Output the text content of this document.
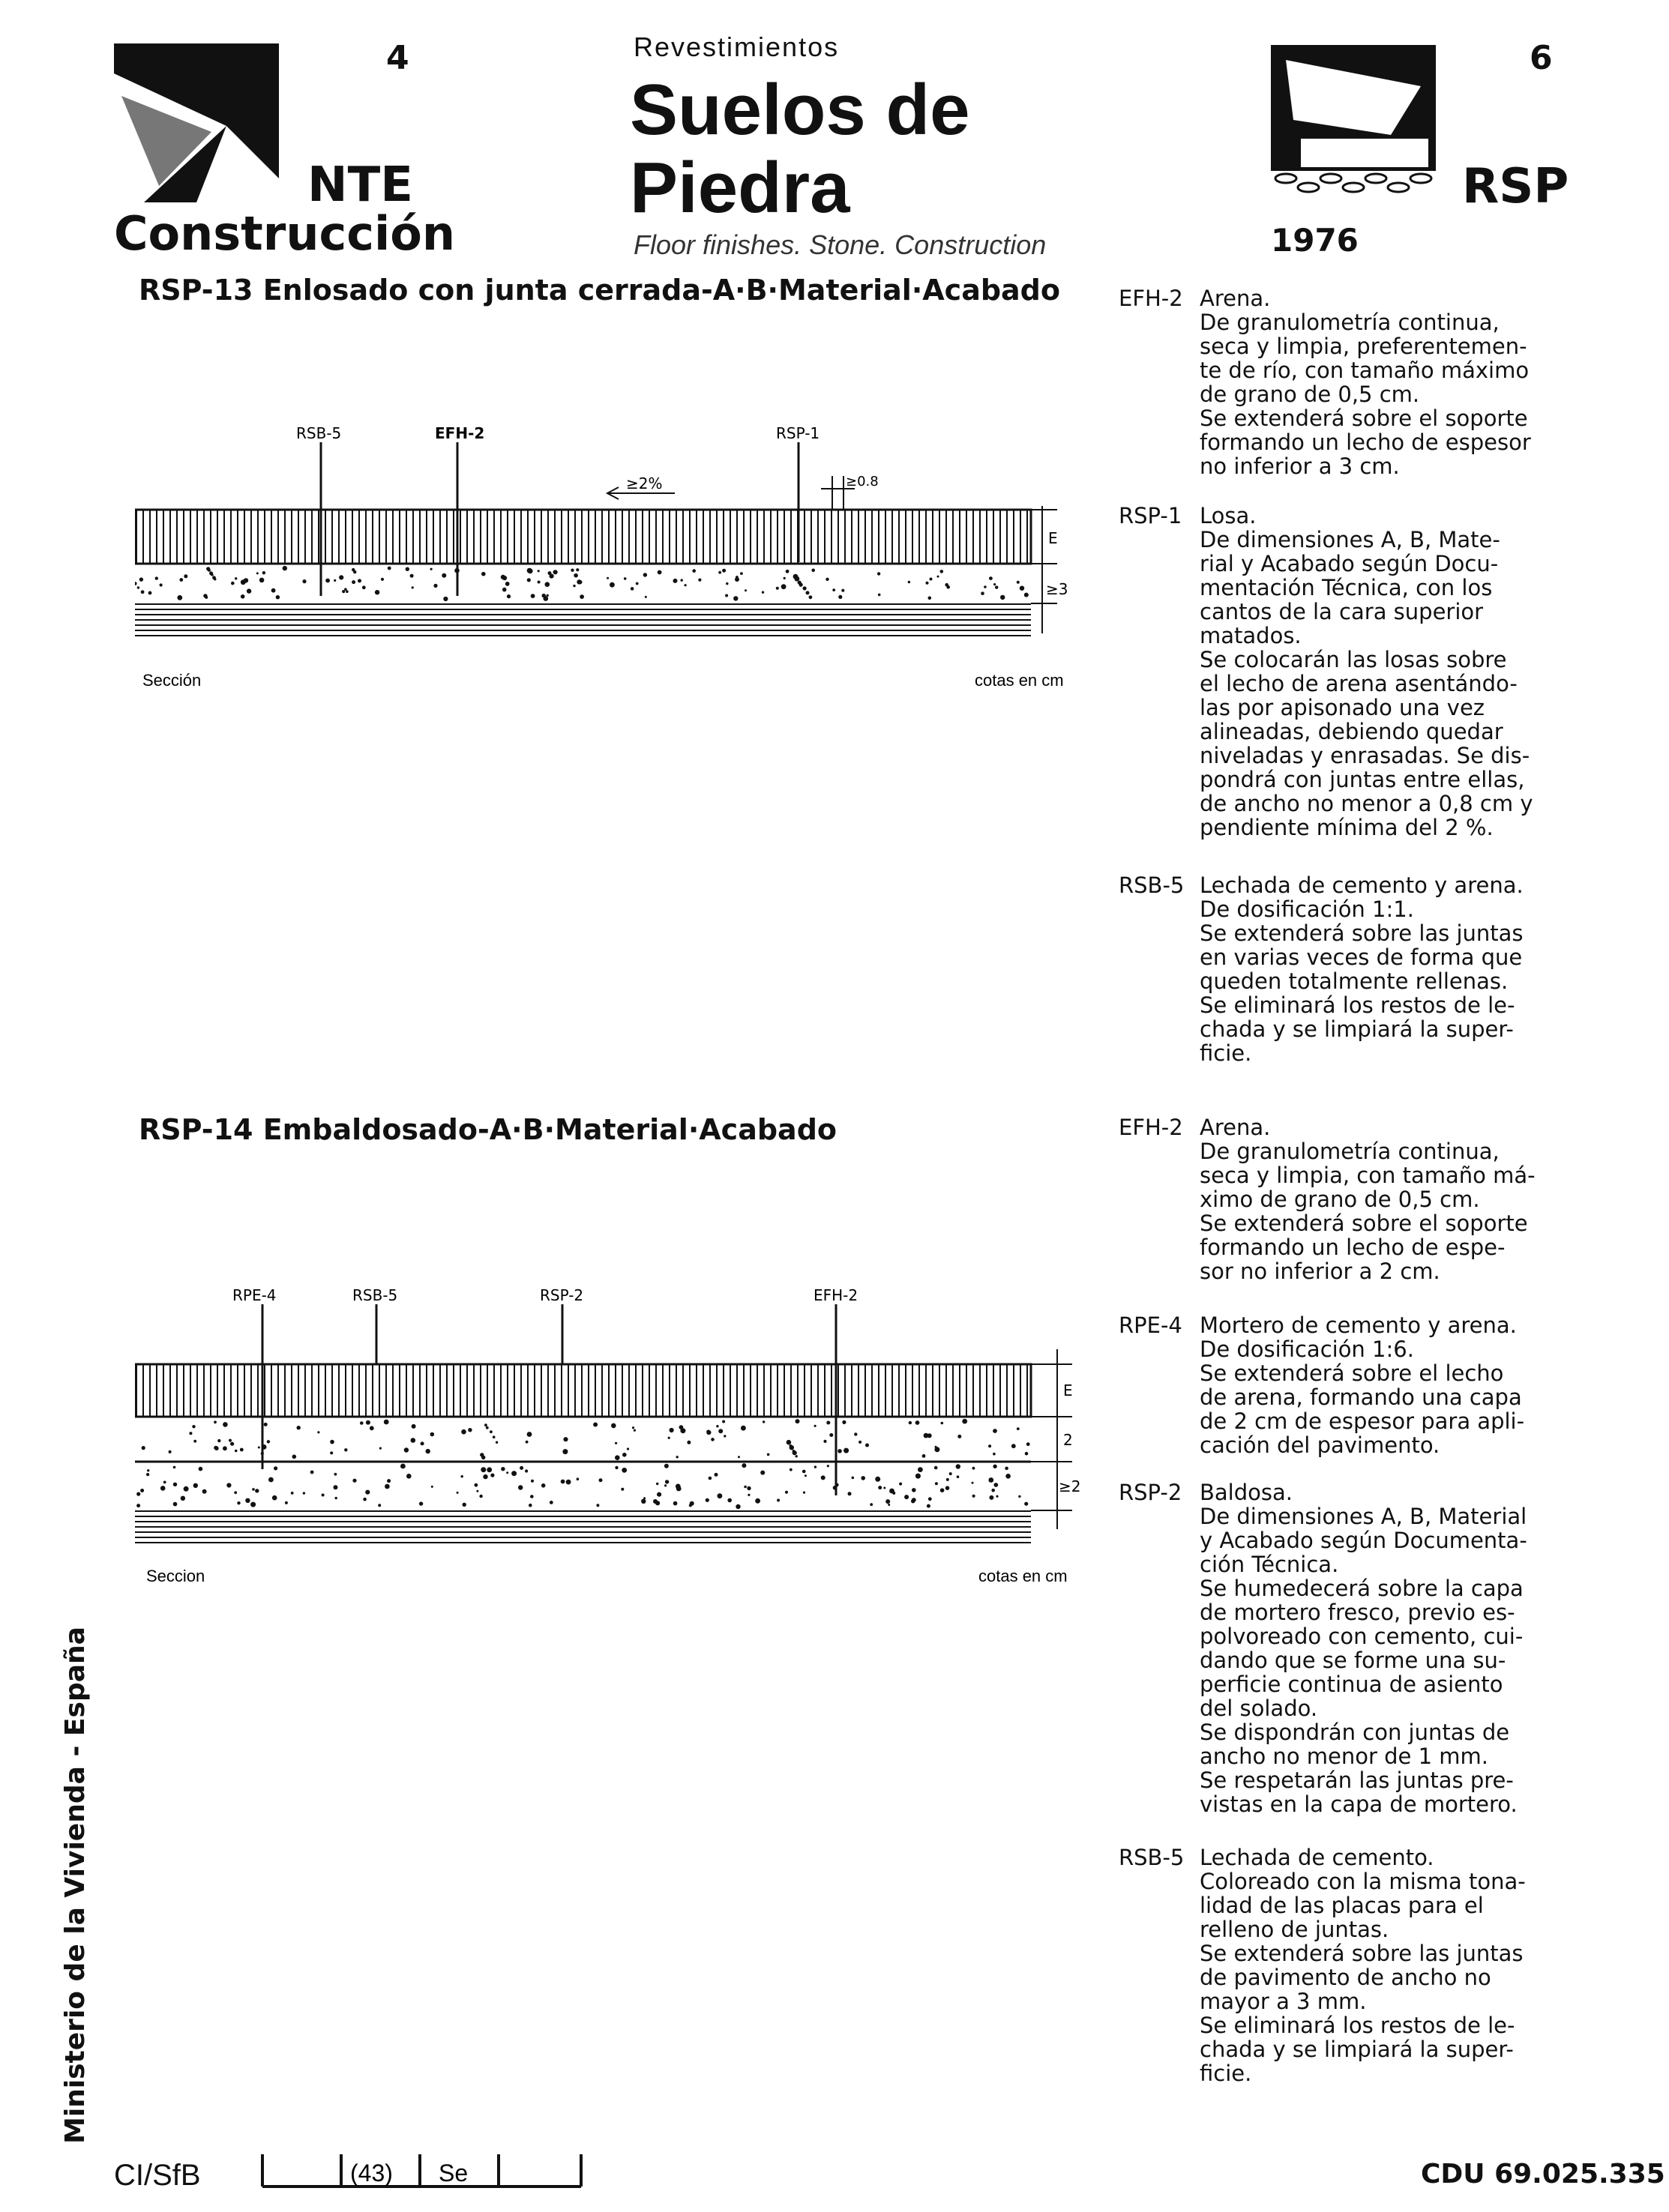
4
NTE
Construcción
Revestimientos
Suelos de
Piedra
Floor finishes. Stone. Construction
6
RSP
1976
RSP-13 Enlosado con junta cerrada-A·B·Material·Acabado
RSB-5	EFH-2	RSP-1
≥2%	≥0.8
E
≥3
Sección	cotas en cm
EFH-2 Arena.
De granulometría continua,
seca y limpia, preferentemen-
te de río, con tamaño máximo
de grano de 0,5 cm.
Se extenderá sobre el soporte
formando un lecho de espesor
no inferior a 3 cm.
RSP-1 Losa.
De dimensiones A, B, Mate-
rial y Acabado según Docu-
mentación Técnica, con los
cantos de la cara superior
matados.
Se colocarán las losas sobre
el lecho de arena asentándo-
las por apisonado una vez
alineadas, debiendo quedar
niveladas y enrasadas. Se dis-
pondrá con juntas entre ellas,
de ancho no menor a 0,8 cm y
pendiente mínima del 2 %.
RSB-5 Lechada de cemento y arena.
De dosificación 1:1.
Se extenderá sobre las juntas
en varias veces de forma que
queden totalmente rellenas.
Se eliminará los restos de le-
chada y se limpiará la super-
ficie.
RSP-14 Embaldosado-A·B·Material·Acabado
RPE-4	RSB-5	RSP-2	EFH-2
E
2
≥2
Seccion	cotas en cm
EFH-2 Arena.
De granulometría continua,
seca y limpia, con tamaño má-
ximo de grano de 0,5 cm.
Se extenderá sobre el soporte
formando un lecho de espe-
sor no inferior a 2 cm.
RPE-4 Mortero de cemento y arena.
De dosificación 1:6.
Se extenderá sobre el lecho
de arena, formando una capa
de 2 cm de espesor para apli-
cación del pavimento.
RSP-2 Baldosa.
De dimensiones A, B, Material
y Acabado según Documenta-
ción Técnica.
Se humedecerá sobre la capa
de mortero fresco, previo es-
polvoreado con cemento, cui-
dando que se forme una su-
perficie continua de asiento
del solado.
Se dispondrán con juntas de
ancho no menor de 1 mm.
Se respetarán las juntas pre-
vistas en la capa de mortero.
RSB-5 Lechada de cemento.
Coloreado con la misma tona-
lidad de las placas para el
relleno de juntas.
Se extenderá sobre las juntas
de pavimento de ancho no
mayor a 3 mm.
Se eliminará los restos de le-
chada y se limpiará la super-
ficie.
Ministerio de la Vivienda - España
CI/SfB	(43) Se	CDU 69.025.335
